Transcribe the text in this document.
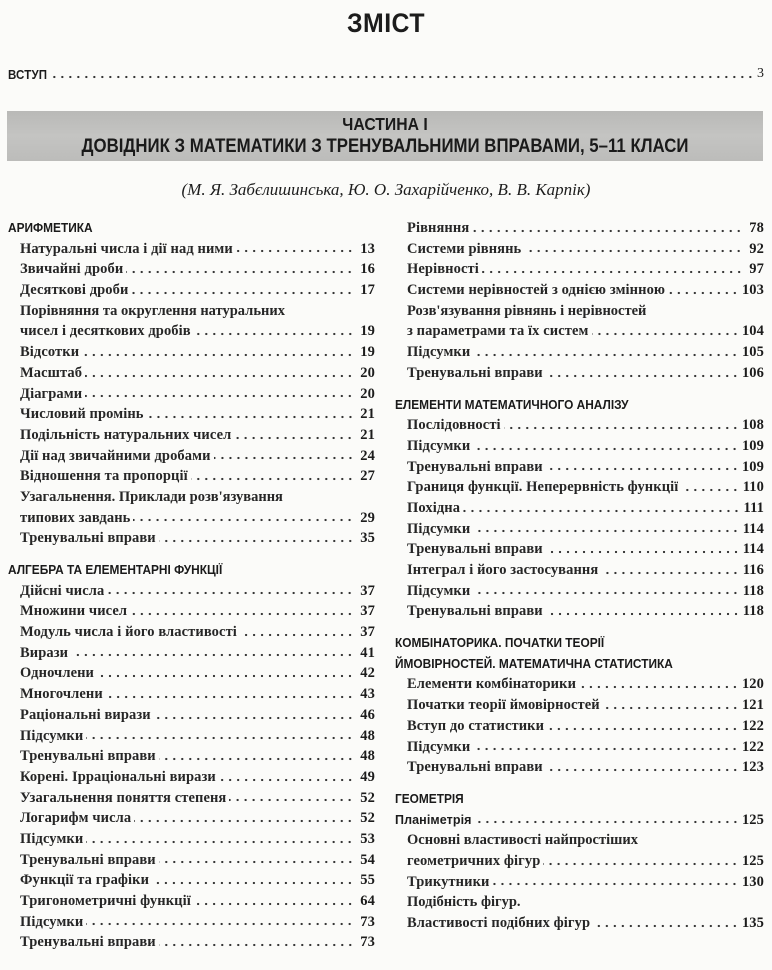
ЗМІСТ
ВСТУП	3
ЧАСТИНА І
ДОВІДНИК З МАТЕМАТИКИ З ТРЕНУВАЛЬНИМИ ВПРАВАМИ, 5–11 КЛАСИ
(М. Я. Забєлишинська, Ю. О. Захарійченко, В. В. Карпік)
АРИФМЕТИКА
Натуральні числа і дії над ними	13
Звичайні дроби	16
Десяткові дроби	17
Порівняння та округлення натуральних
чисел і десяткових дробів	19
Відсотки	19
Масштаб	20
Діаграми	20
Числовий промінь	21
Подільність натуральних чисел	21
Дії над звичайними дробами	24
Відношення та пропорції	27
Узагальнення. Приклади розв'язування
типових завдань	29
Тренувальні вправи	35
АЛГЕБРА ТА ЕЛЕМЕНТАРНІ ФУНКЦІЇ
Дійсні числа	37
Множини чисел	37
Модуль числа і його властивості	37
Вирази	41
Одночлени	42
Многочлени	43
Раціональні вирази	46
Підсумки	48
Тренувальні вправи	48
Корені. Ірраціональні вирази	49
Узагальнення поняття степеня	52
Логарифм числа	52
Підсумки	53
Тренувальні вправи	54
Функції та графіки	55
Тригонометричні функції	64
Підсумки	73
Тренувальні вправи	73
Рівняння	78
Системи рівнянь	92
Нерівності	97
Системи нерівностей з однією змінною	103
Розв'язування рівнянь і нерівностей
з параметрами та їх систем	104
Підсумки	105
Тренувальні вправи	106
ЕЛЕМЕНТИ МАТЕМАТИЧНОГО АНАЛІЗУ
Послідовності	108
Підсумки	109
Тренувальні вправи	109
Границя функції. Неперервність функції	110
Похідна	111
Підсумки	114
Тренувальні вправи	114
Інтеграл і його застосування	116
Підсумки	118
Тренувальні вправи	118
КОМБІНАТОРИКА. ПОЧАТКИ ТЕОРІЇ
ЙМОВІРНОСТЕЙ. МАТЕМАТИЧНА СТАТИСТИКА
Елементи комбінаторики	120
Початки теорії ймовірностей	121
Вступ до статистики	122
Підсумки	122
Тренувальні вправи	123
ГЕОМЕТРІЯ
Планіметрія	125
Основні властивості найпростіших
геометричних фігур	125
Трикутники	130
Подібність фігур.
Властивості подібних фігур	135
